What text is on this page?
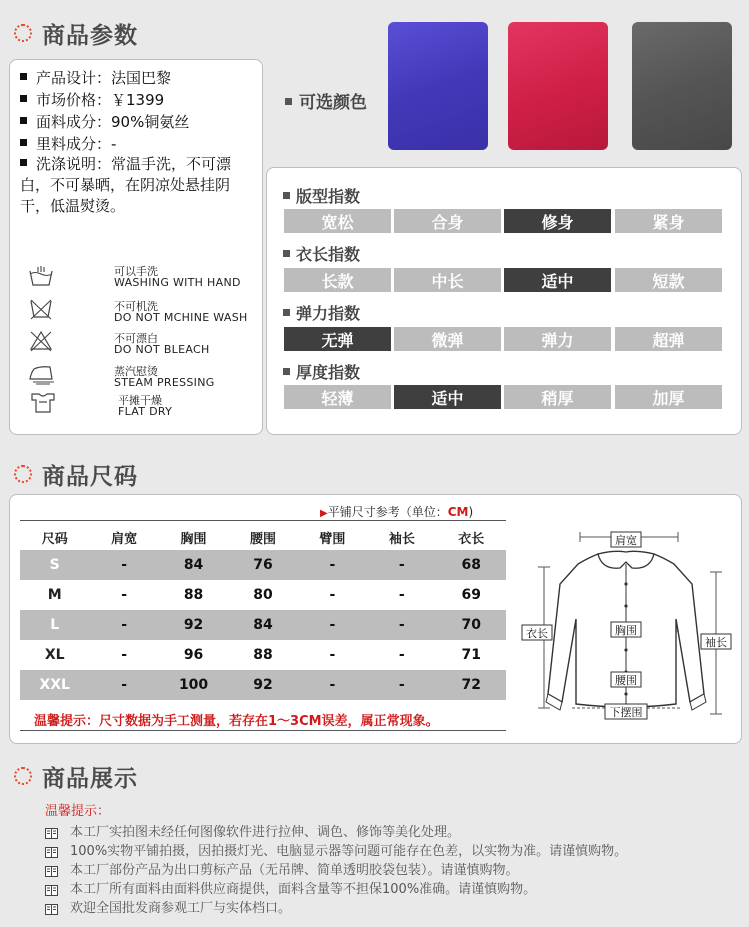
商品参数
产品设计：法国巴黎
市场价格：￥1399
面料成分：90%铜氨丝
里料成分：-
洗涤说明：常温手洗，不可漂白，不可暴晒，在阴凉处悬挂阴干，低温熨烫。
可以手洗
WASHING WITH HAND
不可机洗
DO NOT MCHINE WASH
不可漂白
DO NOT BLEACH
蒸汽慰烫
STEAM PRESSING
平摊干燥
FLAT DRY
可选颜色
版型指数
宽松	合身	修身	紧身
衣长指数
长款	中长	适中	短款
弹力指数
无弹	微弹	弹力	超弹
厚度指数
轻薄	适中	稍厚	加厚
商品尺码
▶平铺尺寸参考（单位：CM)
尺码	肩宽	胸围	腰围	臂围	袖长	衣长
S	-	84	76	-	-	68
M	-	88	80	-	-	69
L	-	92	84	-	-	70
XL	-	96	88	-	-	71
XXL	-	100	92	-	-	72
温馨提示：尺寸数据为手工测量，若存在1～3CM误差，属正常现象。
肩宽
衣长	胸围
袖长
腰围
下摆围
商品展示
温馨提示：
本工厂实拍图未经任何图像软件进行拉伸、调色、修饰等美化处理。
100%实物平铺拍摄，因拍摄灯光、电脑显示器等问题可能存在色差，以实物为准。请谨慎购物。
本工厂部份产品为出口剪标产品（无吊牌、简单透明胶袋包装）。请谨慎购物。
本工厂所有面料由面料供应商提供，面料含量等不担保100%准确。请谨慎购物。
欢迎全国批发商参观工厂与实体档口。
